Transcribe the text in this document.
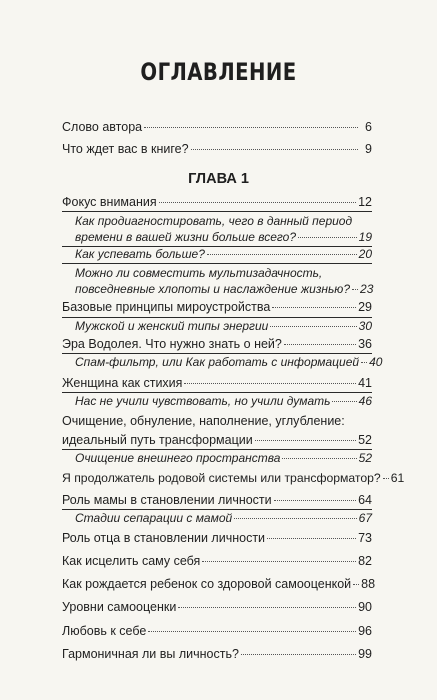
ОГЛАВЛЕНИЕ
Слово автора	6
Что ждет вас в книге?	9
ГЛАВА 1
Фокус внимания	12
Как продиагностировать, чего в данный период
времени в вашей жизни больше всего?	19
Как успевать больше?	20
Можно ли совместить мультизадачность,
повседневные хлопоты и наслаждение жизнью? 23
Базовые принципы мироустройства	29
Мужской и женский типы энергии	30
Эра Водолея. Что нужно знать о ней?	36
Спам-фильтр, или Как работать с информацией 40
Женщина как стихия	41
Нас не учили чувствовать, но учили думать 46
Очищение, обнуление, наполнение, углубление:
идеальный путь трансформации	52
Очищение внешнего пространства	52
Я продолжатель родовой системы или трансформатор? 61
Роль мамы в становлении личности	64
Стадии сепарации с мамой	67
Роль отца в становлении личности	73
Как исцелить саму себя	82
Как рождается ребенок со здоровой самооценкой 88
Уровни самооценки	90
Любовь к себе	96
Гармоничная ли вы личность?	99
